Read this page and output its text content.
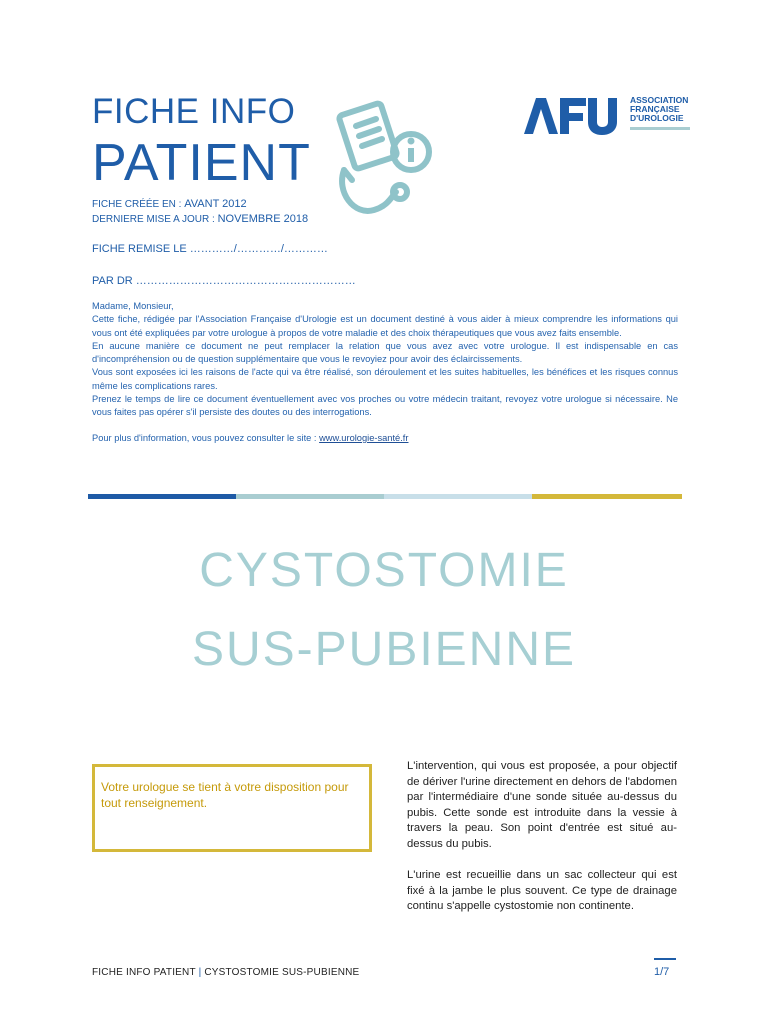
FICHE INFO
PATIENT
ASSOCIATION
FRANÇAISE
D'UROLOGIE
FICHE CRÉÉE EN : AVANT 2012
DERNIERE MISE A JOUR : NOVEMBRE 2018
FICHE REMISE LE …………/…………/…………
PAR DR ……………………………………………………

Madame, Monsieur,

Cette fiche, rédigée par l'Association Française d'Urologie est un document destiné à vous aider à mieux comprendre les informations qui vous ont été expliquées par votre urologue à propos de votre maladie et des choix thérapeutiques que vous avez faits ensemble.

En aucune manière ce document ne peut remplacer la relation que vous avez avec votre urologue. Il est indispensable en cas d'incompréhension ou de question supplémentaire que vous le revoyiez pour avoir des éclaircissements.

Vous sont exposées ici les raisons de l'acte qui va être réalisé, son déroulement et les suites habituelles, les bénéfices et les risques connus même les complications rares.

Prenez le temps de lire ce document éventuellement avec vos proches ou votre médecin traitant, revoyez votre urologue si nécessaire. Ne vous faites pas opérer s'il persiste des doutes ou des interrogations.

Pour plus d'information, vous pouvez consulter le site : www.urologie-santé.fr

CYSTOSTOMIE
SUS-PUBIENNE
Votre urologue se tient à votre disposition pour tout renseignement.

L'intervention, qui vous est proposée, a pour objectif de dériver l'urine directement en dehors de l'abdomen par l'intermédiaire d'une sonde située au-dessus du pubis. Cette sonde est introduite dans la vessie à travers la peau. Son point d'entrée est situé au-dessus du pubis.

L'urine est recueillie dans un sac collecteur qui est fixé à la jambe le plus souvent. Ce type de drainage continu s'appelle cystostomie non continente.

FICHE INFO PATIENT | CYSTOSTOMIE SUS-PUBIENNE	1/7
